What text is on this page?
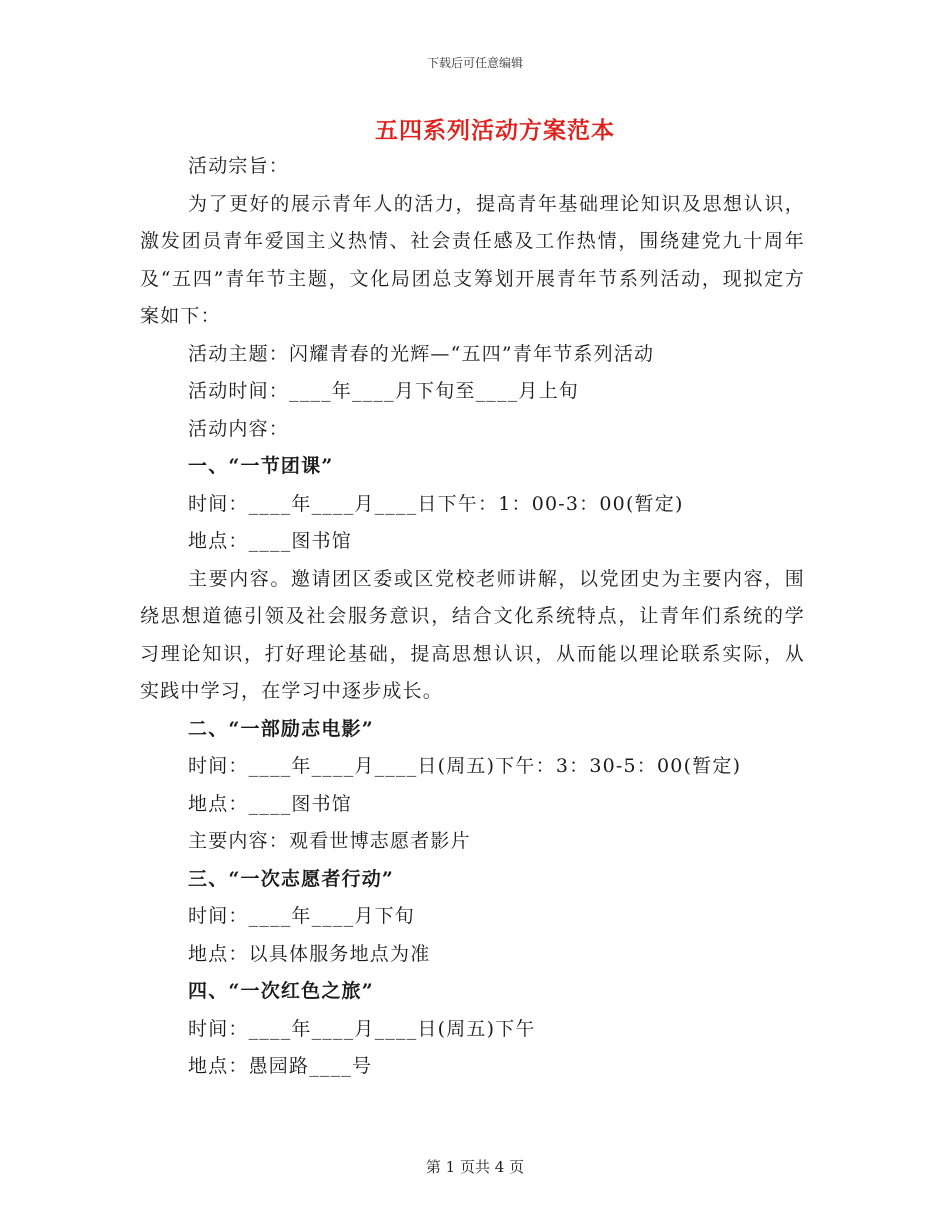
下载后可任意编辑
五四系列活动方案范本
活动宗旨：

为了更好的展示青年人的活力，提高青年基础理论知识及思想认识，激发团员青年爱国主义热情、社会责任感及工作热情，围绕建党九十周年及“五四”青年节主题，文化局团总支筹划开展青年节系列活动，现拟定方案如下：

活动主题：闪耀青春的光辉—“五四”青年节系列活动
活动时间：____年____月下旬至____月上旬
活动内容：
一、“一节团课”
时间：____年____月____日下午：1：00-3：00(暂定)
地点：____图书馆

主要内容。邀请团区委或区党校老师讲解，以党团史为主要内容，围绕思想道德引领及社会服务意识，结合文化系统特点，让青年们系统的学习理论知识，打好理论基础，提高思想认识，从而能以理论联系实际，从实践中学习，在学习中逐步成长。

二、“一部励志电影”
时间：____年____月____日(周五)下午：3：30-5：00(暂定)
地点：____图书馆
主要内容：观看世博志愿者影片
三、“一次志愿者行动”
时间：____年____月下旬
地点：以具体服务地点为准
四、“一次红色之旅”
时间：____年____月____日(周五)下午
地点：愚园路____号
第 1 页共 4 页
